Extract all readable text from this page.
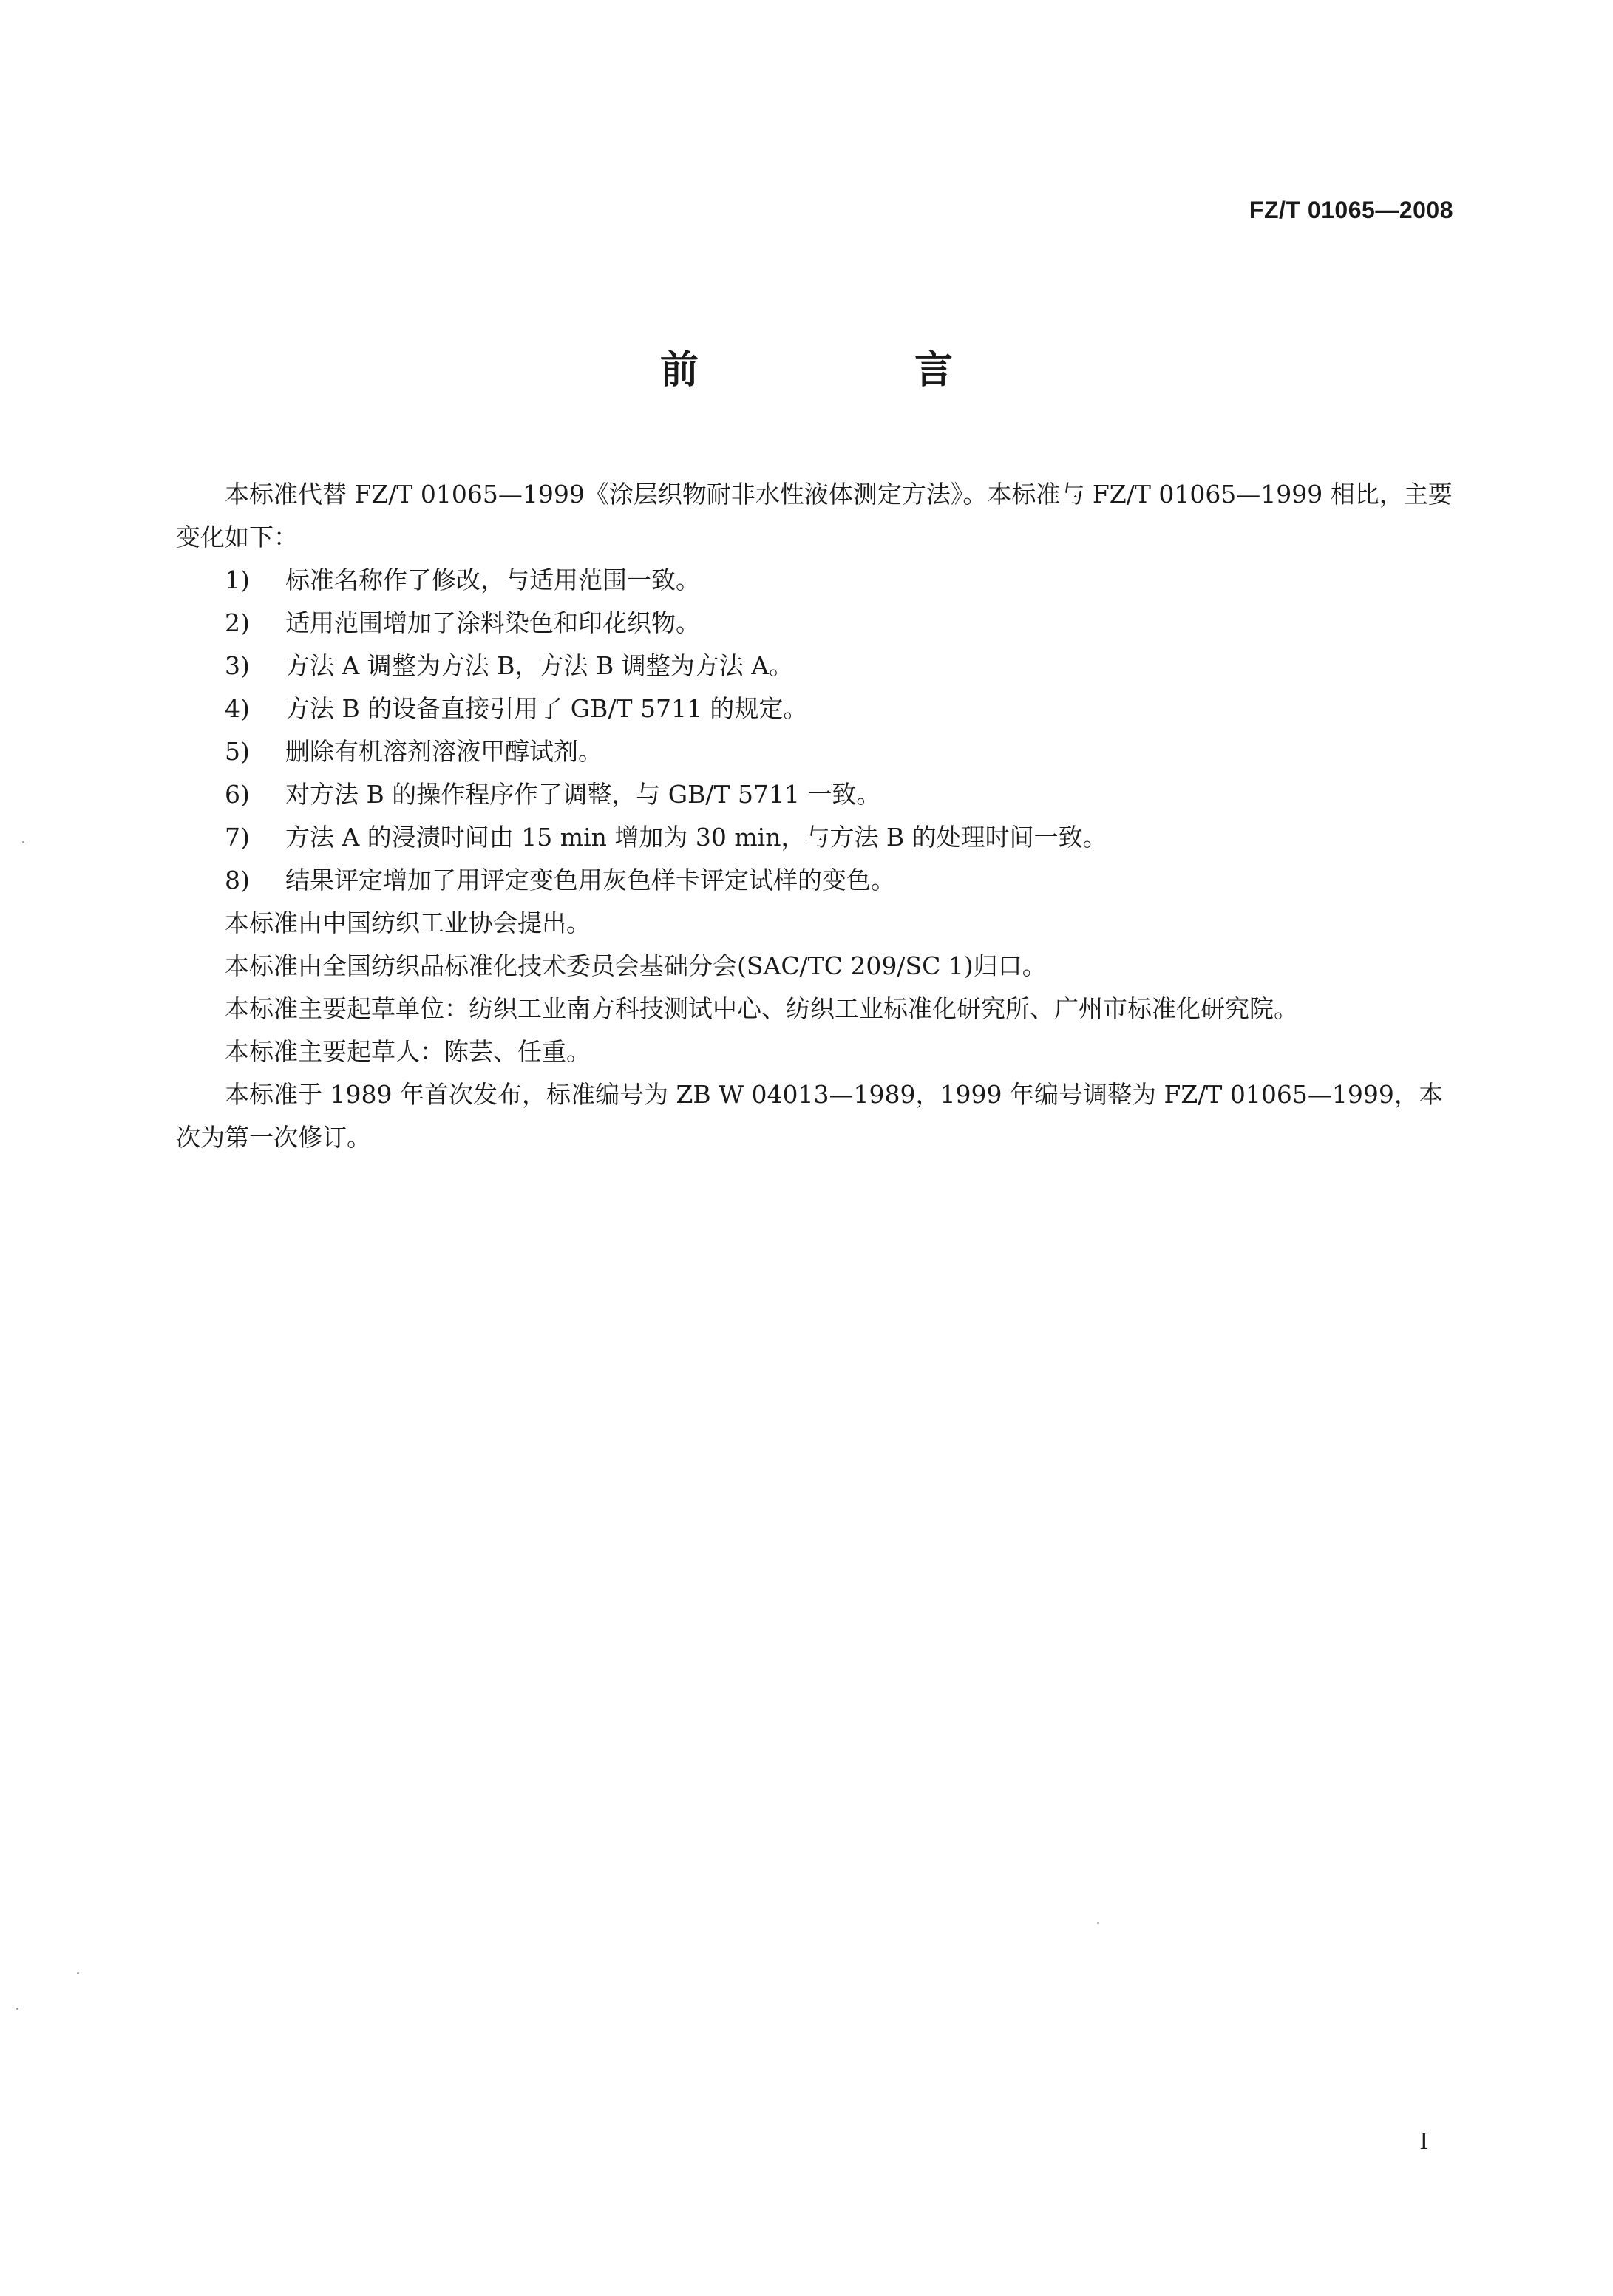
FZ/T 01065—2008
前　言

本标准代替 FZ/T 01065—1999《涂层织物耐非水性液体测定方法》。本标准与 FZ/T 01065—1999 相比，主要变化如下：

1)	标准名称作了修改，与适用范围一致。
2)	适用范围增加了涂料染色和印花织物。
3)	方法 A 调整为方法 B，方法 B 调整为方法 A。
4)	方法 B 的设备直接引用了 GB/T 5711 的规定。
5)	删除有机溶剂溶液甲醇试剂。
6)	对方法 B 的操作程序作了调整，与 GB/T 5711 一致。
7)	方法 A 的浸渍时间由 15 min 增加为 30 min，与方法 B 的处理时间一致。
8)	结果评定增加了用评定变色用灰色样卡评定试样的变色。

本标准由中国纺织工业协会提出。

本标准由全国纺织品标准化技术委员会基础分会(SAC/TC 209/SC 1)归口。

本标准主要起草单位：纺织工业南方科技测试中心、纺织工业标准化研究所、广州市标准化研究院。

本标准主要起草人：陈芸、任重。

本标准于 1989 年首次发布，标准编号为 ZB W 04013—1989，1999 年编号调整为 FZ/T 01065—1999，本次为第一次修订。

I
